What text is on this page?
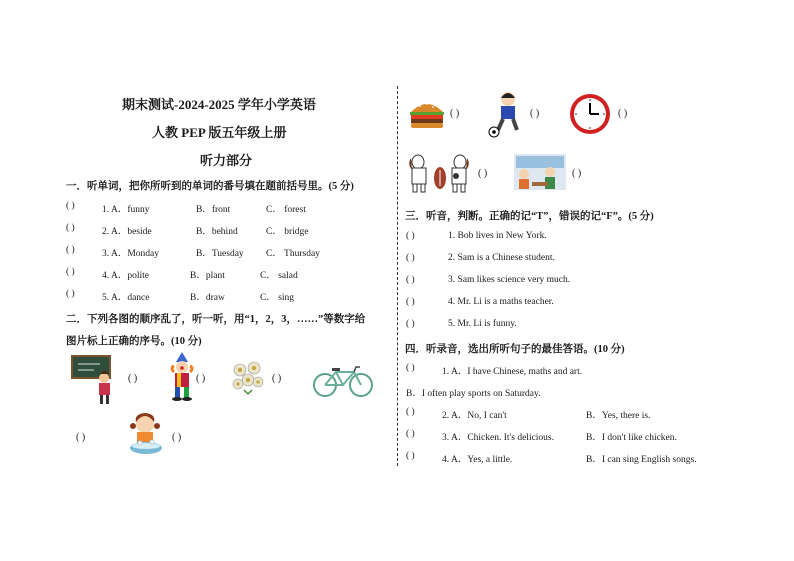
期末测试-2024-2025 学年小学英语
人教 PEP 版五年级上册
听力部分
一．听单词，把你所听到的单词的番号填在题前括号里。(5 分)
( )	1. A．funny	B．front	C． forest
( )	2. A．beside	B．behind	C． bridge
( )	3. A．Monday	B．Tuesday C． Thursday
( )	4. A．polite	B．plant	C． salad
( )	5. A．dance	B．draw	C． sing
二．下列各图的顺序乱了，听一听，用“1，2，3，……”等数字给
图片标上正确的序号。(10 分)
( )	( )	( )
( )	( )
( )	( )	( )
( )	( )
三．听音，判断。正确的记“T”，错误的记“F”。(5 分)
( )	1. Bob lives in New York.
( )	2. Sam is a Chinese student.
( )	3. Sam likes science very much.
( )	4. Mr. Li is a maths teacher.
( )	5. Mr. Li is funny.
四．听录音，选出所听句子的最佳答语。(10 分)
( )	1. A．I have Chinese, maths and art.
B．I often play sports on Saturday.
( )	2. A．No, I can't	B．Yes, there is.
( )	3. A．Chicken. It's delicious.	B．I don't like chicken.
( )	4. A．Yes, a little.	B．I can sing English songs.
